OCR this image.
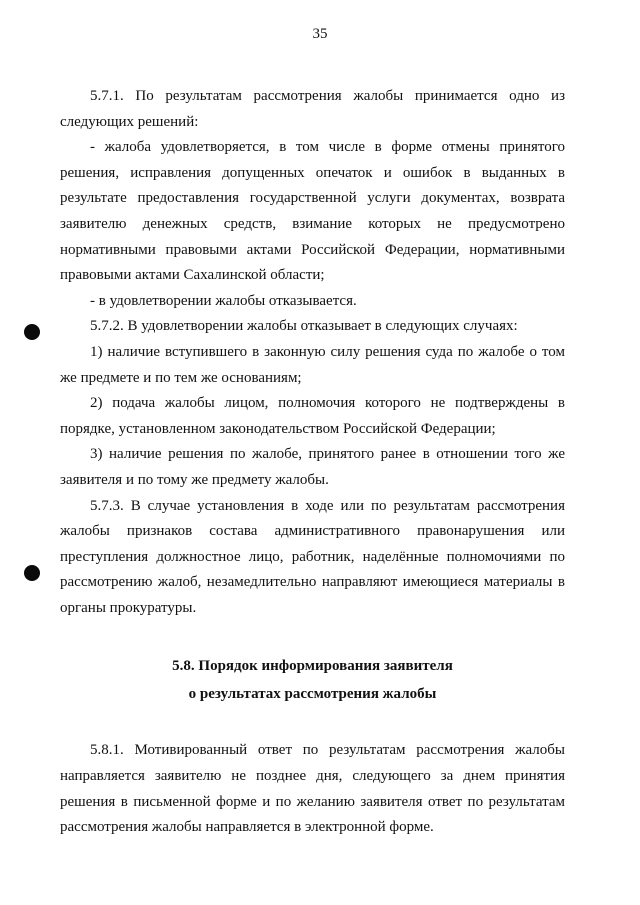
35

5.7.1. По результатам рассмотрения жалобы принимается одно из следующих решений:

- жалоба удовлетворяется, в том числе в форме отмены принятого решения, исправления допущенных опечаток и ошибок в выданных в результате предоставления государственной услуги документах, возврата заявителю денежных средств, взимание которых не предусмотрено нормативными правовыми актами Российской Федерации, нормативными правовыми актами Сахалинской области;

- в удовлетворении жалобы отказывается.

5.7.2. В удовлетворении жалобы отказывает в следующих случаях:

1) наличие вступившего в законную силу решения суда по жалобе о том же предмете и по тем же основаниям;

2) подача жалобы лицом, полномочия которого не подтверждены в порядке, установленном законодательством Российской Федерации;

3) наличие решения по жалобе, принятого ранее в отношении того же заявителя и по тому же предмету жалобы.

5.7.3. В случае установления в ходе или по результатам рассмотрения жалобы признаков состава административного правонарушения или преступления должностное лицо, работник, наделённые полномочиями по рассмотрению жалоб, незамедлительно направляют имеющиеся материалы в органы прокуратуры.

5.8. Порядок информирования заявителя
о результатах рассмотрения жалобы

5.8.1. Мотивированный ответ по результатам рассмотрения жалобы направляется заявителю не позднее дня, следующего за днем принятия решения в письменной форме и по желанию заявителя ответ по результатам рассмотрения жалобы направляется в электронной форме.
